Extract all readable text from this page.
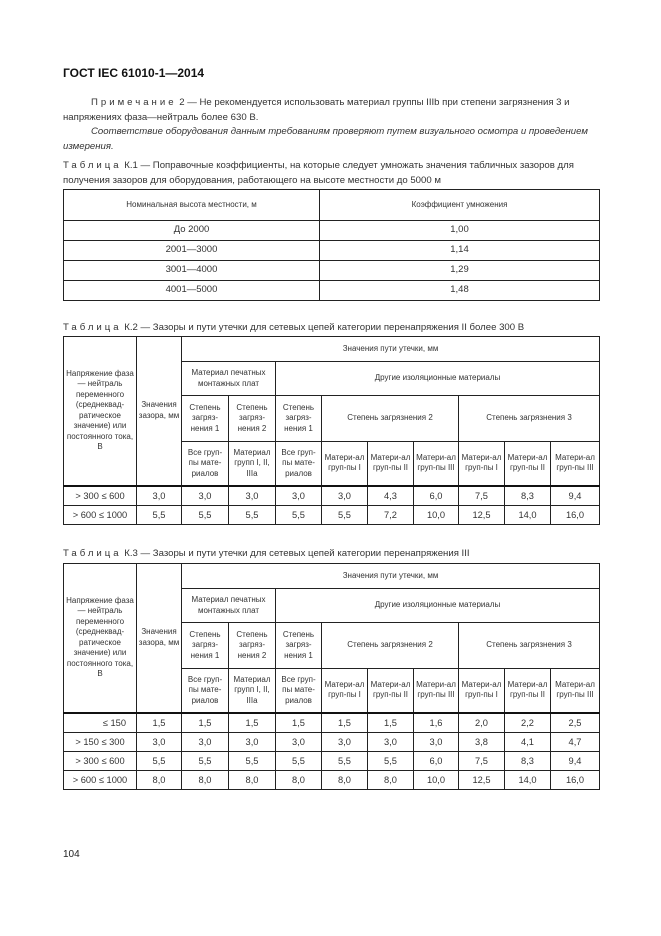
ГОСТ IEC 61010-1—2014
Примечание 2 — Не рекомендуется использовать материал группы IIIb при степени загрязнения 3 и напряжениях фаза—нейтраль более 630 В.
Соответствие оборудования данным требованиям проверяют путем визуального осмотра и проведением измерения.
Таблица К.1 — Поправочные коэффициенты, на которые следует умножать значения табличных зазоров для получения зазоров для оборудования, работающего на высоте местности до 5000 м
Номинальная высота местности, м	Коэффициент умножения
До 2000	1,00
2001—3000	1,14
3001—4000	1,29
4001—5000	1,48
Таблица К.2 — Зазоры и пути утечки для сетевых цепей категории перенапряжения II более 300 В
Напряжение фаза— нейтраль переменного (среднеквад-ратическое значение) или постоянного тока, В	Значения зазора, мм	Значения пути утечки, мм								
		Материал печатных монтажных плат		Другие изоляционные материалы						
		Степень загряз-нения 1	Степень загряз-нения 2	Степень загряз-нения 1	Степень загрязнения 2			Степень загрязнения 3		
		Все груп-пы мате-риалов	Материал групп I, II, IIIa	Все груп-пы мате-риалов	Матери-ал груп-пы I	Матери-ал груп-пы II	Матери-ал груп-пы III	Матери-ал груп-пы I	Матери-ал груп-пы II	Матери-ал груп-пы III
> 300 ≤ 600	3,0	3,0	3,0	3,0	3,0	4,3	6,0	7,5	8,3	9,4
> 600 ≤ 1000	5,5	5,5	5,5	5,5	5,5	7,2	10,0	12,5	14,0	16,0
Таблица К.3 — Зазоры и пути утечки для сетевых цепей категории перенапряжения III
Напряжение фаза— нейтраль переменного (среднеквад-ратическое значение) или постоянного тока, В	Значения зазора, мм	Значения пути утечки, мм								
		Материал печатных монтажных плат		Другие изоляционные материалы						
		Степень загряз-нения 1	Степень загряз-нения 2	Степень загряз-нения 1	Степень загрязнения 2			Степень загрязнения 3		
		Все груп-пы мате-риалов	Материал групп I, II, IIIa	Все груп-пы мате-риалов	Матери-ал груп-пы I	Матери-ал груп-пы II	Матери-ал груп-пы III	Матери-ал груп-пы I	Матери-ал груп-пы II	Матери-ал груп-пы III
≤ 150	1,5	1,5	1,5	1,5	1,5	1,5	1,6	2,0	2,2	2,5
> 150 ≤ 300	3,0	3,0	3,0	3,0	3,0	3,0	3,0	3,8	4,1	4,7
> 300 ≤ 600	5,5	5,5	5,5	5,5	5,5	5,5	6,0	7,5	8,3	9,4
> 600 ≤ 1000	8,0	8,0	8,0	8,0	8,0	8,0	10,0	12,5	14,0	16,0
104
